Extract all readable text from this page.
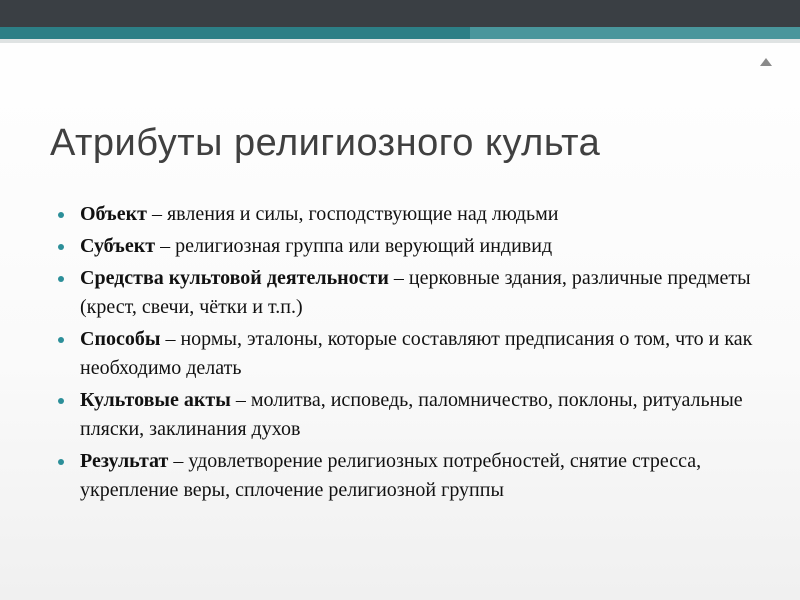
Атрибуты религиозного культа
Объект – явления и силы, господствующие над людьми
Субъект – религиозная группа или верующий индивид
Средства культовой деятельности – церковные здания, различные предметы (крест, свечи, чётки и т.п.)
Способы – нормы, эталоны, которые составляют предписания о том, что и как необходимо делать
Культовые акты – молитва, исповедь, паломничество, поклоны, ритуальные пляски, заклинания духов
Результат – удовлетворение религиозных потребностей, снятие стресса, укрепление веры, сплочение религиозной группы
